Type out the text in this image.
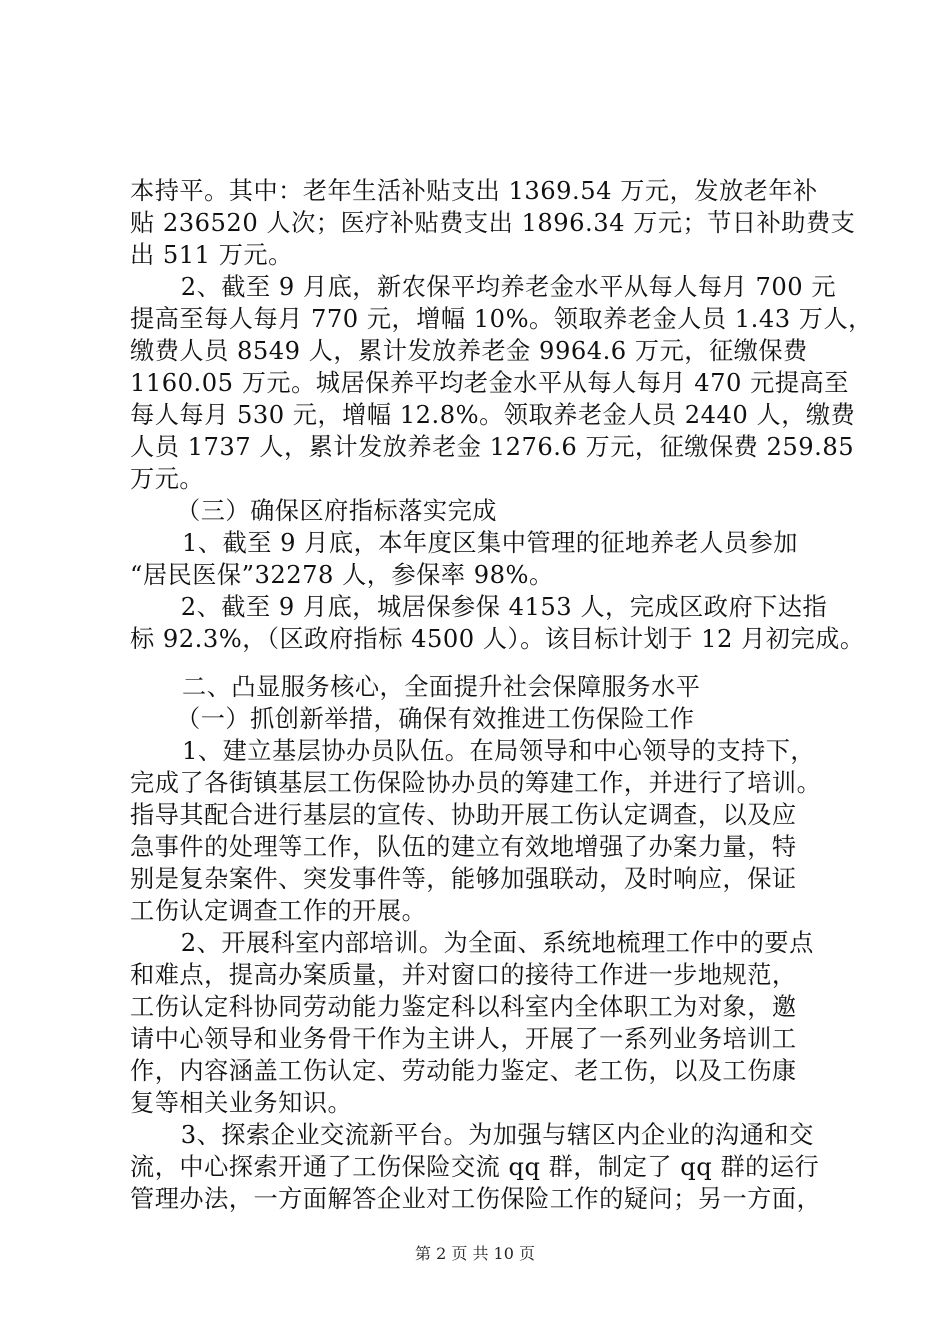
本持平。其中：老年生活补贴支出 1369.54 万元，发放老年补
贴 236520 人次；医疗补贴费支出 1896.34 万元；节日补助费支
出 511 万元。
　2、截至 9 月底，新农保平均养老金水平从每人每月 700 元
提高至每人每月 770 元，增幅 10%。领取养老金人员 1.43 万人，
缴费人员 8549 人，累计发放养老金 9964.6 万元，征缴保费
1160.05 万元。城居保养平均老金水平从每人每月 470 元提高至
每人每月 530 元，增幅 12.8%。领取养老金人员 2440 人，缴费
人员 1737 人，累计发放养老金 1276.6 万元，征缴保费 259.85
万元。
（三）确保区府指标落实完成
1、截至 9 月底，本年度区集中管理的征地养老人员参加
“居民医保”32278 人，参保率 98%。
　2、截至 9 月底，城居保参保 4153 人，完成区政府下达指
标 92.3%，（区政府指标 4500 人）。该目标计划于 12 月初完成。
二、凸显服务核心，全面提升社会保障服务水平
（一）抓创新举措，确保有效推进工伤保险工作
1、建立基层协办员队伍。在局领导和中心领导的支持下，
完成了各街镇基层工伤保险协办员的筹建工作，并进行了培训。
指导其配合进行基层的宣传、协助开展工伤认定调查，以及应
急事件的处理等工作，队伍的建立有效地增强了办案力量，特
别是复杂案件、突发事件等，能够加强联动，及时响应，保证
工伤认定调查工作的开展。
　2、开展科室内部培训。为全面、系统地梳理工作中的要点
和难点，提高办案质量，并对窗口的接待工作进一步地规范，
工伤认定科协同劳动能力鉴定科以科室内全体职工为对象，邀
请中心领导和业务骨干作为主讲人，开展了一系列业务培训工
作，内容涵盖工伤认定、劳动能力鉴定、老工伤，以及工伤康
复等相关业务知识。
　3、探索企业交流新平台。为加强与辖区内企业的沟通和交
流，中心探索开通了工伤保险交流 qq 群，制定了 qq 群的运行
管理办法，一方面解答企业对工伤保险工作的疑问；另一方面，
第 2 页 共 10 页
